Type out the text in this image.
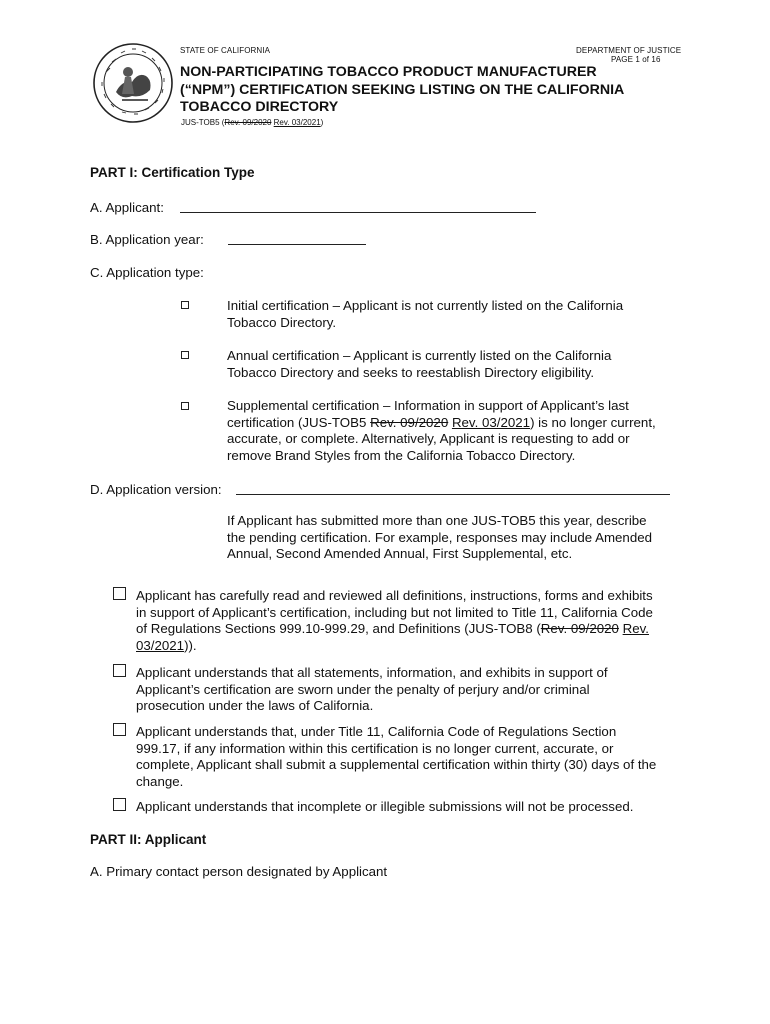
STATE OF CALIFORNIA	DEPARTMENT OF JUSTICE
PAGE 1 of 16
NON-PARTICIPATING TOBACCO PRODUCT MANUFACTURER
(“NPM”) CERTIFICATION SEEKING LISTING ON THE CALIFORNIA
TOBACCO DIRECTORY
JUS-TOB5 (Rev. 09/2020 Rev. 03/2021)
PART I: Certification Type
A. Applicant:
B. Application year:
C. Application type:
Initial certification – Applicant is not currently listed on the California
Tobacco Directory.
Annual certification – Applicant is currently listed on the California
Tobacco Directory and seeks to reestablish Directory eligibility.
Supplemental certification – Information in support of Applicant’s last
certification (JUS-TOB5 Rev. 09/2020 Rev. 03/2021) is no longer current,
accurate, or complete. Alternatively, Applicant is requesting to add or
remove Brand Styles from the California Tobacco Directory.
D. Application version:
If Applicant has submitted more than one JUS-TOB5 this year, describe
the pending certification. For example, responses may include Amended
Annual, Second Amended Annual, First Supplemental, etc.
Applicant has carefully read and reviewed all definitions, instructions, forms and exhibits
in support of Applicant’s certification, including but not limited to Title 11, California Code
of Regulations Sections 999.10-999.29, and Definitions (JUS-TOB8 (Rev. 09/2020 Rev.
03/2021)).
Applicant understands that all statements, information, and exhibits in support of
Applicant’s certification are sworn under the penalty of perjury and/or criminal
prosecution under the laws of California.
Applicant understands that, under Title 11, California Code of Regulations Section
999.17, if any information within this certification is no longer current, accurate, or
complete, Applicant shall submit a supplemental certification within thirty (30) days of the
change.
Applicant understands that incomplete or illegible submissions will not be processed.
PART II: Applicant
A. Primary contact person designated by Applicant
